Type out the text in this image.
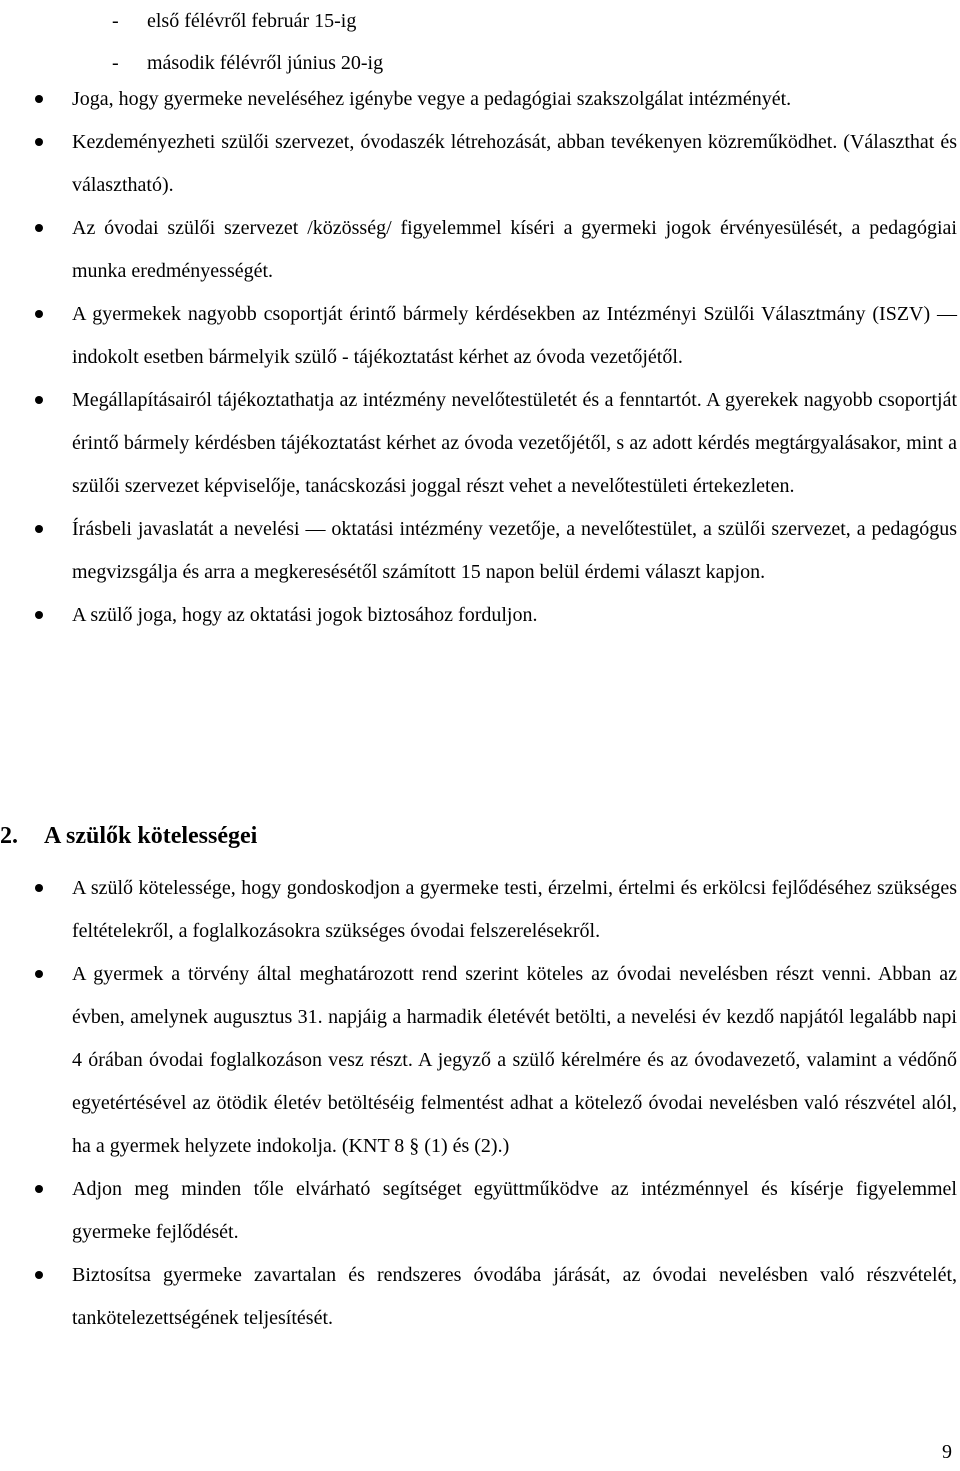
- első félévről február 15-ig
- második félévről június 20-ig
Joga, hogy gyermeke neveléséhez igénybe vegye a pedagógiai szakszolgálat intézményét.
Kezdeményezheti szülői szervezet, óvodaszék létrehozását, abban tevékenyen közreműködhet. (Választhat és választható).
Az óvodai szülői szervezet /közösség/ figyelemmel kíséri a gyermeki jogok érvényesülését, a pedagógiai munka eredményességét.
A gyermekek nagyobb csoportját érintő bármely kérdésekben az Intézményi Szülői Választmány (ISZV) ― indokolt esetben bármelyik szülő - tájékoztatást kérhet az óvoda vezetőjétől.
Megállapításairól tájékoztathatja az intézmény nevelőtestületét és a fenntartót. A gyerekek nagyobb csoportját érintő bármely kérdésben tájékoztatást kérhet az óvoda vezetőjétől, s az adott kérdés megtárgyalásakor, mint a szülői szervezet képviselője, tanácskozási joggal részt vehet a nevelőtestületi értekezleten.
Írásbeli javaslatát a nevelési ― oktatási intézmény vezetője, a nevelőtestület, a szülői szervezet, a pedagógus megvizsgálja és arra a megkeresésétől számított 15 napon belül érdemi választ kapjon.
A szülő joga, hogy az oktatási jogok biztosához forduljon.
2. A szülők kötelességei
A szülő kötelessége, hogy gondoskodjon a gyermeke testi, érzelmi, értelmi és erkölcsi fejlődéséhez szükséges feltételekről, a foglalkozásokra szükséges óvodai felszerelésekről.
A gyermek a törvény által meghatározott rend szerint köteles az óvodai nevelésben részt venni. Abban az évben, amelynek augusztus 31. napjáig a harmadik életévét betölti, a nevelési év kezdő napjától legalább napi 4 órában óvodai foglalkozáson vesz részt. A jegyző a szülő kérelmére és az óvodavezető, valamint a védőnő egyetértésével az ötödik életév betöltéséig felmentést adhat a kötelező óvodai nevelésben való részvétel alól, ha a gyermek helyzete indokolja. (KNT 8 § (1) és (2).)
Adjon meg minden tőle elvárható segítséget együttműködve az intézménnyel és kísérje figyelemmel gyermeke fejlődését.
Biztosítsa gyermeke zavartalan és rendszeres óvodába járását, az óvodai nevelésben való részvételét, tankötelezettségének teljesítését.
9
